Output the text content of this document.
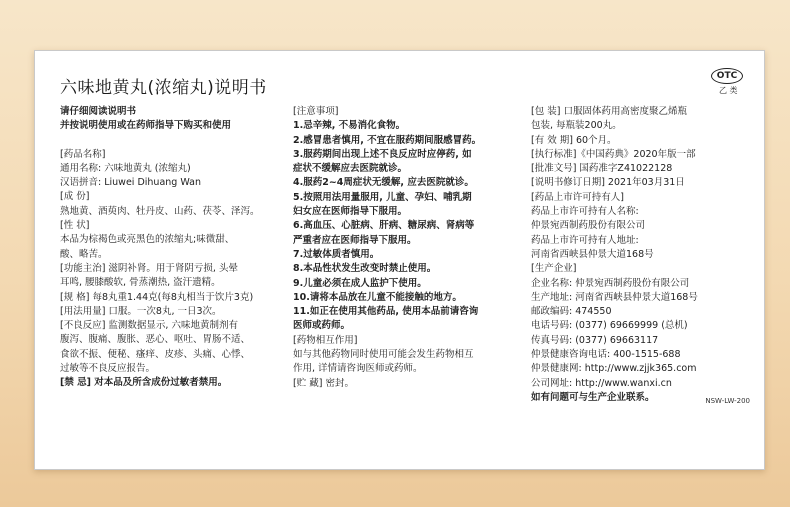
六味地黄丸(浓缩丸)说明书
OTC
乙 类
请仔细阅读说明书
并按说明使用或在药师指导下购买和使用
[药品名称]
通用名称: 六味地黄丸 (浓缩丸)
汉语拼音: Liuwei Dihuang Wan
[成 份]
熟地黄、酒萸肉、牡丹皮、山药、茯苓、泽泻。
[性 状]
本品为棕褐色或亮黑色的浓缩丸;味微甜、
酸、略苦。
[功能主治] 滋阴补肾。用于肾阴亏损, 头晕
耳鸣, 腰膝酸软, 骨蒸潮热, 盗汗遗精。
[规 格] 每8丸重1.44克(每8丸相当于饮片3克)
[用法用量] 口服。一次8丸, 一日3次。
[不良反应] 监测数据显示, 六味地黄制剂有
腹泻、腹痛、腹胀、恶心、呕吐、胃肠不适、
食欲不振、便秘、瘙痒、皮疹、头痛、心悸、
过敏等不良反应报告。
[禁 忌] 对本品及所含成份过敏者禁用。
[注意事项]
1.忌辛辣, 不易消化食物。
2.感冒患者慎用, 不宜在服药期间服感冒药。
3.服药期间出现上述不良反应时应停药, 如
症状不缓解应去医院就诊。
4.服药2~4周症状无缓解, 应去医院就诊。
5.按照用法用量服用, 儿童、孕妇、哺乳期
妇女应在医师指导下服用。
6.高血压、心脏病、肝病、糖尿病、肾病等
严重者应在医师指导下服用。
7.过敏体质者慎用。
8.本品性状发生改变时禁止使用。
9.儿童必须在成人监护下使用。
10.请将本品放在儿童不能接触的地方。
11.如正在使用其他药品, 使用本品前请咨询
医师或药师。
[药物相互作用]
如与其他药物同时使用可能会发生药物相互
作用, 详情请咨询医师或药师。
[贮 藏] 密封。
[包 装] 口服固体药用高密度聚乙烯瓶
包装, 每瓶装200丸。
[有 效 期] 60个月。
[执行标准]《中国药典》2020年版一部
[批准文号] 国药准字Z41022128
[说明书修订日期] 2021年03月31日
[药品上市许可持有人]
药品上市许可持有人名称:
仲景宛西制药股份有限公司
药品上市许可持有人地址:
河南省西峡县仲景大道168号
[生产企业]
企业名称: 仲景宛西制药股份有限公司
生产地址: 河南省西峡县仲景大道168号
邮政编码: 474550
电话号码: (0377) 69669999 (总机)
传真号码: (0377) 69663117
仲景健康咨询电话: 400-1515-688
仲景健康网: http://www.zjjk365.com
公司网址: http://www.wanxi.cn
如有问题可与生产企业联系。	NSW-LW-200
